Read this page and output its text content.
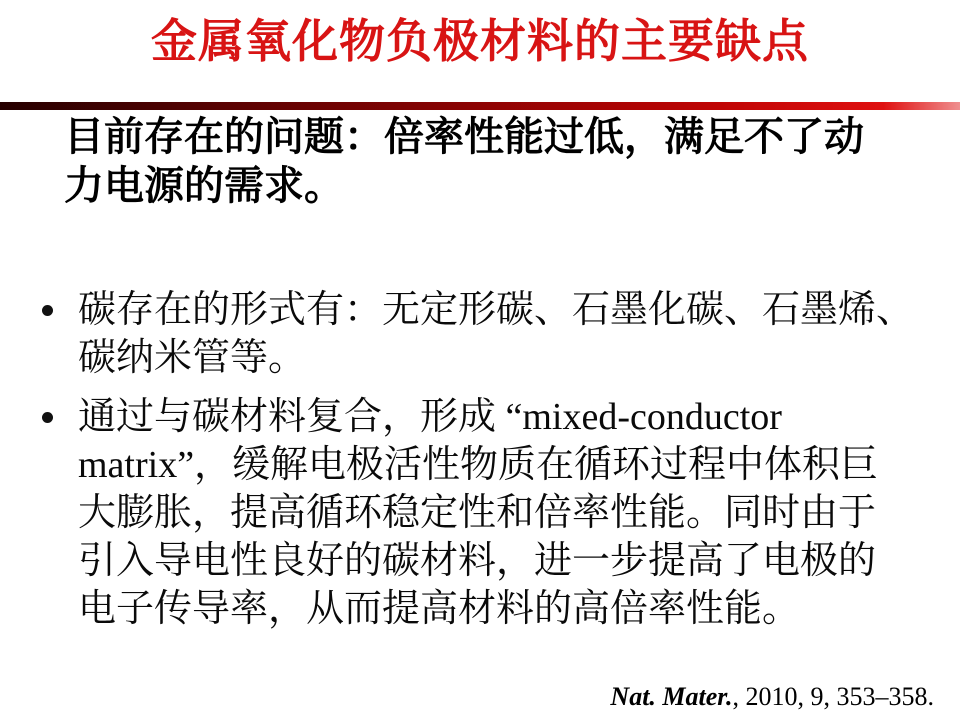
金属氧化物负极材料的主要缺点
目前存在的问题：倍率性能过低，满足不了动
力电源的需求。
碳存在的形式有：无定形碳、石墨化碳、石墨烯、
碳纳米管等。
通过与碳材料复合，形成 “mixed-conductor
matrix”，缓解电极活性物质在循环过程中体积巨
大膨胀，提高循环稳定性和倍率性能。同时由于
引入导电性良好的碳材料，进一步提高了电极的
电子传导率，从而提高材料的高倍率性能。
Nat. Mater., 2010, 9, 353–358.
